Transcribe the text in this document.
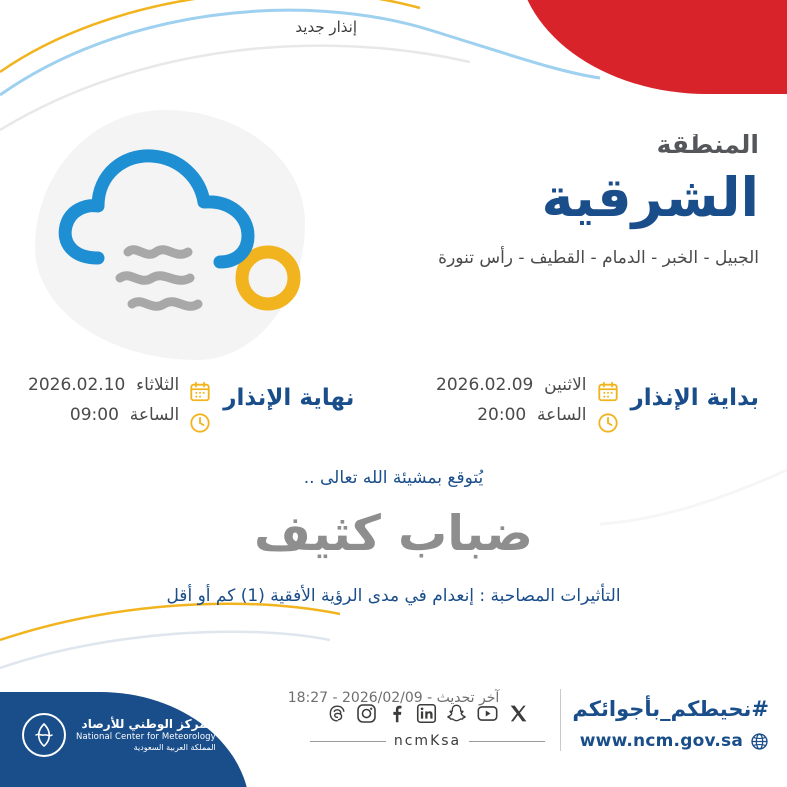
الإنذار الأحمر
إنذار جديد
المنطقة
الشرقية
الجبيل - الخبر - الدمام - القطيف - رأس تنورة
بداية الإنذار
الاثنين  2026.02.09
الساعة  20:00
نهاية الإنذار
الثلاثاء  2026.02.10
الساعة  09:00
يُتوقع بمشيئة الله تعالى ..
ضباب كثيف
التأثيرات المصاحبة : إنعدام في مدى الرؤية الأفقية (1) كم أو أقل
آخر تحديث - 2026/02/09 - 18:27
المركز الوطني للأرصاد
National Center for Meteorology
المملكة العربية السعودية	ncmKsa
#نحيطكم_بأجوائكم
www.ncm.gov.sa
